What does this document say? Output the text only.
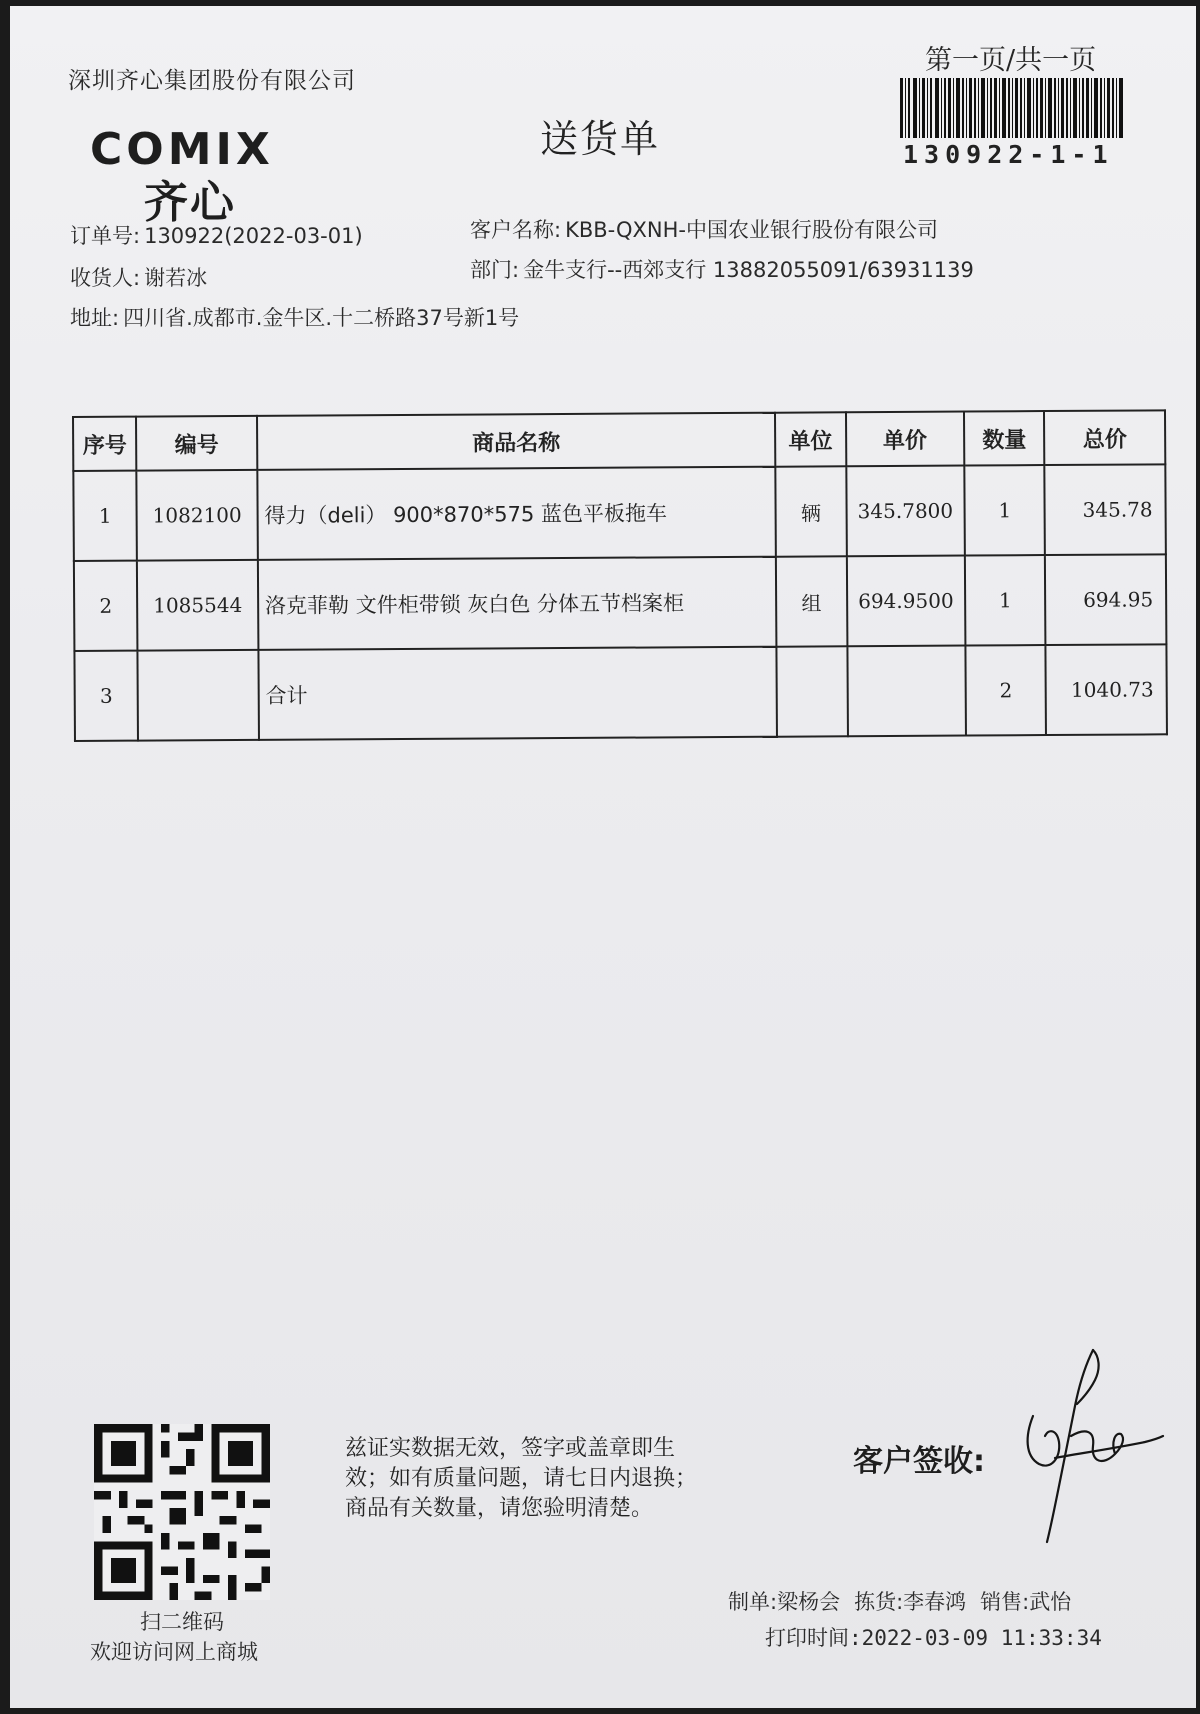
深圳齐心集团股份有限公司
第一页/共一页
130922-1-1
COMIX
齐心
送货单
订单号: 130922(2022-03-01)	客户名称: KBB-QXNH-中国农业银行股份有限公司
收货人: 谢若冰	部门: 金牛支行--西郊支行 13882055091/63931139
地址: 四川省.成都市.金牛区.十二桥路37号新1号
序号	编号	商品名称	单位	单价	数量	总价
1	1082100	得力（deli） 900*870*575 蓝色平板拖车	辆	345.7800	1	345.78
2	1085544	洛克菲勒 文件柜带锁 灰白色 分体五节档案柜	组	694.9500	1	694.95
3		合计			2	1040.73
扫二维码
欢迎访问网上商城
兹证实数据无效，签字或盖章即生
效；如有质量问题，请七日内退换；
商品有关数量，请您验明清楚。
客户签收:
制单:梁杨会 拣货:李春鸿 销售:武怡
打印时间:2022-03-09 11:33:34
